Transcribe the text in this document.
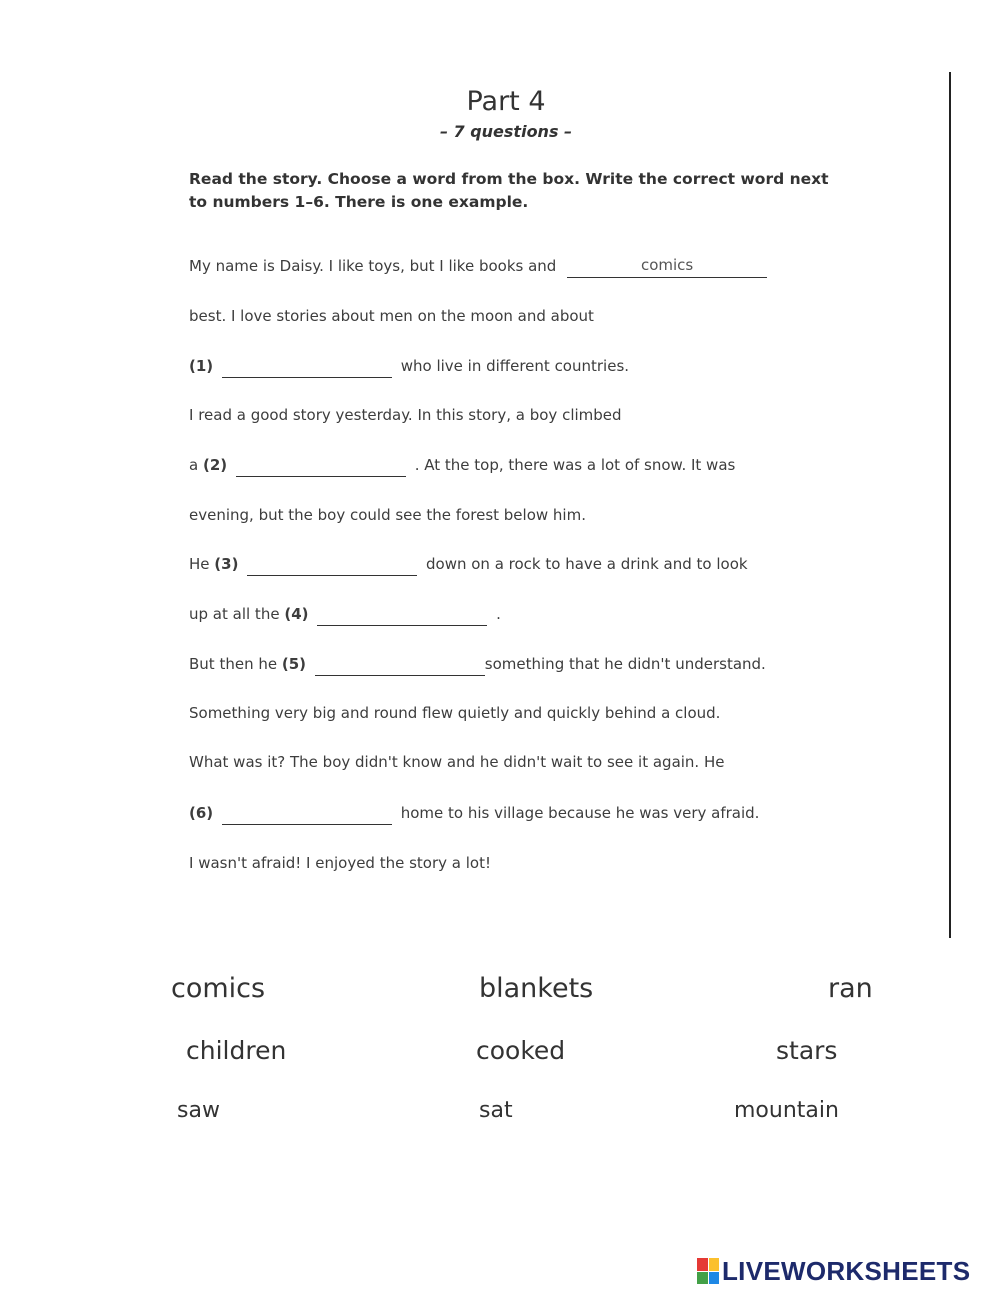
Part 4
– 7 questions –
Read the story. Choose a word from the box. Write the correct word next to numbers 1–6. There is one example.
My name is Daisy. I like toys, but I like books and	comics
best. I love stories about men on the moon and about
(1)	who live in different countries.
I read a good story yesterday. In this story, a boy climbed
a (2)	. At the top, there was a lot of snow. It was
evening, but the boy could see the forest below him.
He (3)	down on a rock to have a drink and to look
up at all the (4)	.
But then he (5)	something that he didn't understand.
Something very big and round flew quietly and quickly behind a cloud.
What was it? The boy didn't know and he didn't wait to see it again. He
(6)	home to his village because he was very afraid.
I wasn't afraid! I enjoyed the story a lot!
comics	blankets	ran
children	cooked	stars
saw	sat	mountain
LIVEWORKSHEETS
